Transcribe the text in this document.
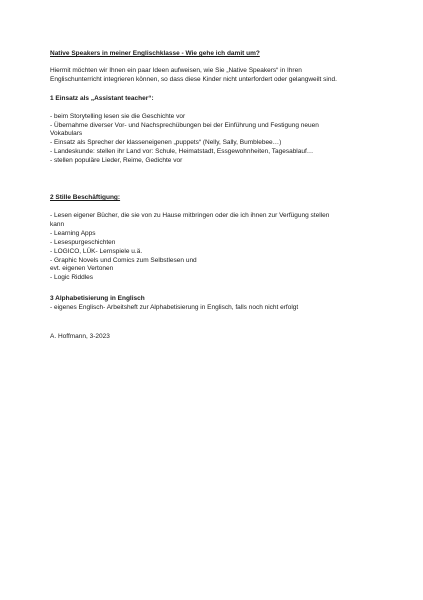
Native Speakers in meiner Englischklasse - Wie gehe ich damit um?
Hiermit möchten wir Ihnen ein paar Ideen aufweisen, wie Sie „Native Speakers“ in Ihren
Englischunterricht integrieren können, so dass diese Kinder nicht unterfordert oder gelangweilt sind.
1 Einsatz als „Assistant teacher“:
- beim Storytelling lesen sie die Geschichte vor
- Übernahme diverser Vor- und Nachsprechübungen bei der Einführung und Festigung neuen
Vokabulars
- Einsatz als Sprecher der klasseneigenen „puppets“ (Nelly, Sally, Bumblebee…)
- Landeskunde: stellen ihr Land vor: Schule, Heimatstadt, Essgewohnheiten, Tagesablauf…
- stellen populäre Lieder, Reime, Gedichte vor
2 Stille Beschäftigung:
- Lesen eigener Bücher, die sie von zu Hause mitbringen oder die ich ihnen zur Verfügung stellen
kann
- Learning Apps
- Lesespurgeschichten
- LOGICO, LÜK- Lernspiele u.ä.
- Graphic Novels und Comics zum Selbstlesen und
evt. eigenen Vertonen
- Logic Riddles
3 Alphabetisierung in Englisch
- eigenes Englisch- Arbeitsheft zur Alphabetisierung in Englisch, falls noch nicht erfolgt
A. Hoffmann, 3-2023
